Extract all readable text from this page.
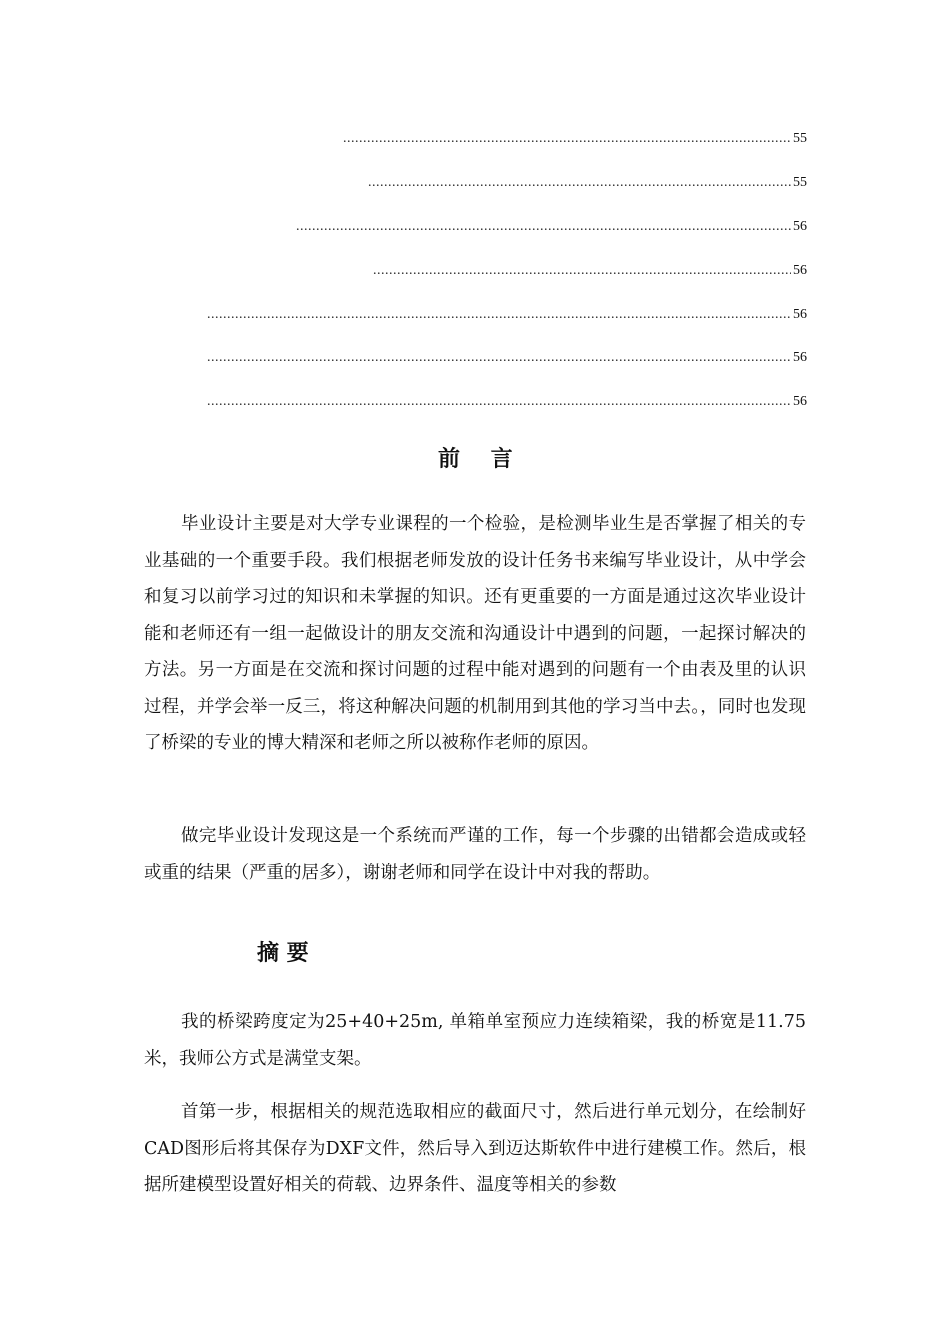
.....
55
.....
55
.....
56
.....
56
.....
56
.....
56
.....
56
前    言

毕业设计主要是对大学专业课程的一个检验，是检测毕业生是否掌握了相关的专业基础的一个重要手段。我们根据老师发放的设计任务书来编写毕业设计，从中学会和复习以前学习过的知识和未掌握的知识。还有更重要的一方面是通过这次毕业设计能和老师还有一组一起做设计的朋友交流和沟通设计中遇到的问题，一起探讨解决的方法。另一方面是在交流和探讨问题的过程中能对遇到的问题有一个由表及里的认识过程，并学会举一反三，将这种解决问题的机制用到其他的学习当中去。，同时也发现了桥梁的专业的博大精深和老师之所以被称作老师的原因。

做完毕业设计发现这是一个系统而严谨的工作，每一个步骤的出错都会造成或轻或重的结果（严重的居多），谢谢老师和同学在设计中对我的帮助。

摘 要

我的桥梁跨度定为25+40+25m, 单箱单室预应力连续箱梁，我的桥宽是11.75米，我师公方式是满堂支架。

首第一步，根据相关的规范选取相应的截面尺寸，然后进行单元划分，在绘制好CAD图形后将其保存为DXF文件，然后导入到迈达斯软件中进行建模工作。然后，根据所建模型设置好相关的荷载、边界条件、温度等相关的参数
